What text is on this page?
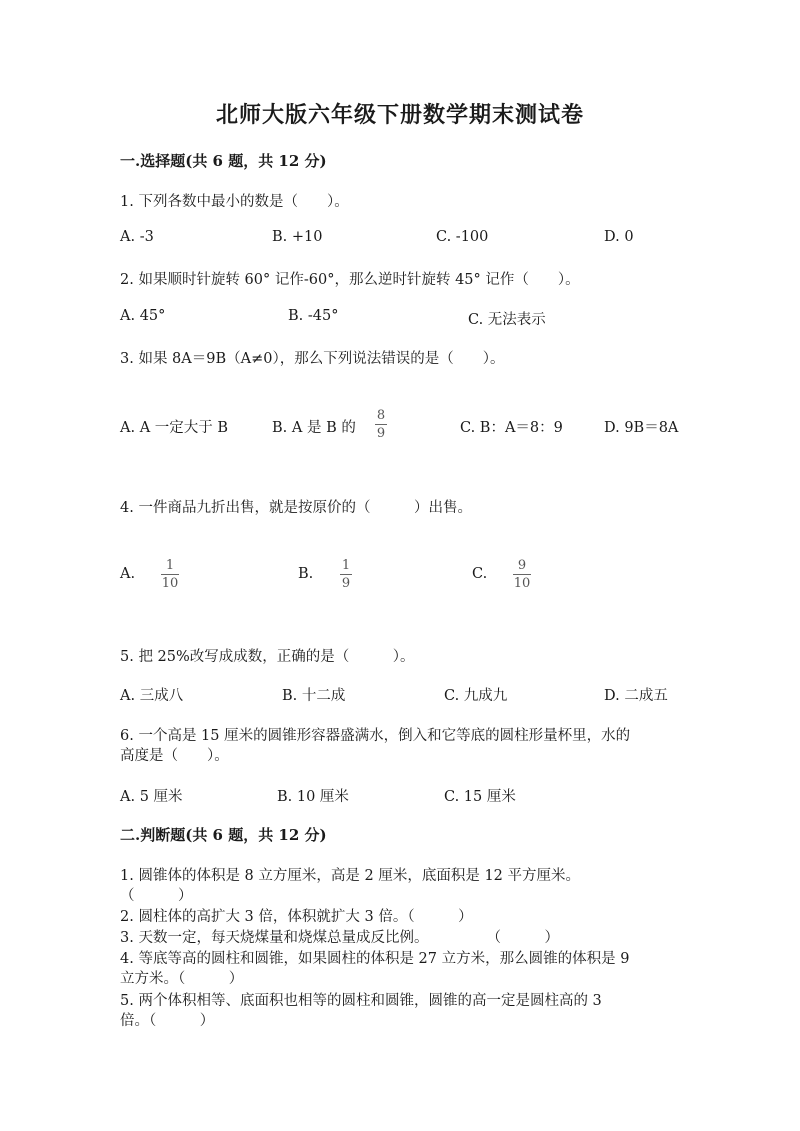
北师大版六年级下册数学期末测试卷
一.选择题(共 6 题，共 12 分)
1. 下列各数中最小的数是（　　）。
A. -3	B. +10	C. -100	D. 0
2. 如果顺时针旋转 60° 记作-60°，那么逆时针旋转 45° 记作（　　）。
A. 45°	B. -45°	C. 无法表示
3. 如果 8A＝9B（A≠0），那么下列说法错误的是（　　）。
A. A 一定大于 B	B. A 是 B 的
8
9	C. B：A＝8：9	D. 9B＝8A
4. 一件商品九折出售，就是按原价的（　　　）出售。
A.
1
10
B.
1
9
C.
9
10
5. 把 25%改写成成数，正确的是（　　　）。
A. 三成八	B. 十二成	C. 九成九	D. 二成五
6. 一个高是 15 厘米的圆锥形容器盛满水，倒入和它等底的圆柱形量杯里，水的
高度是（　　）。
A. 5 厘米	B. 10 厘米	C. 15 厘米
二.判断题(共 6 题，共 12 分)
1. 圆锥体的体积是 8 立方厘米，高是 2 厘米，底面积是 12 平方厘米。
（　　　）
2. 圆柱体的高扩大 3 倍，体积就扩大 3 倍。（　　　）
3. 天数一定，每天烧煤量和烧煤总量成反比例。　　　　　（　　　）
4. 等底等高的圆柱和圆锥，如果圆柱的体积是 27 立方米，那么圆锥的体积是 9
立方米。（　　　）
5. 两个体积相等、底面积也相等的圆柱和圆锥，圆锥的高一定是圆柱高的 3
倍。（　　　）
